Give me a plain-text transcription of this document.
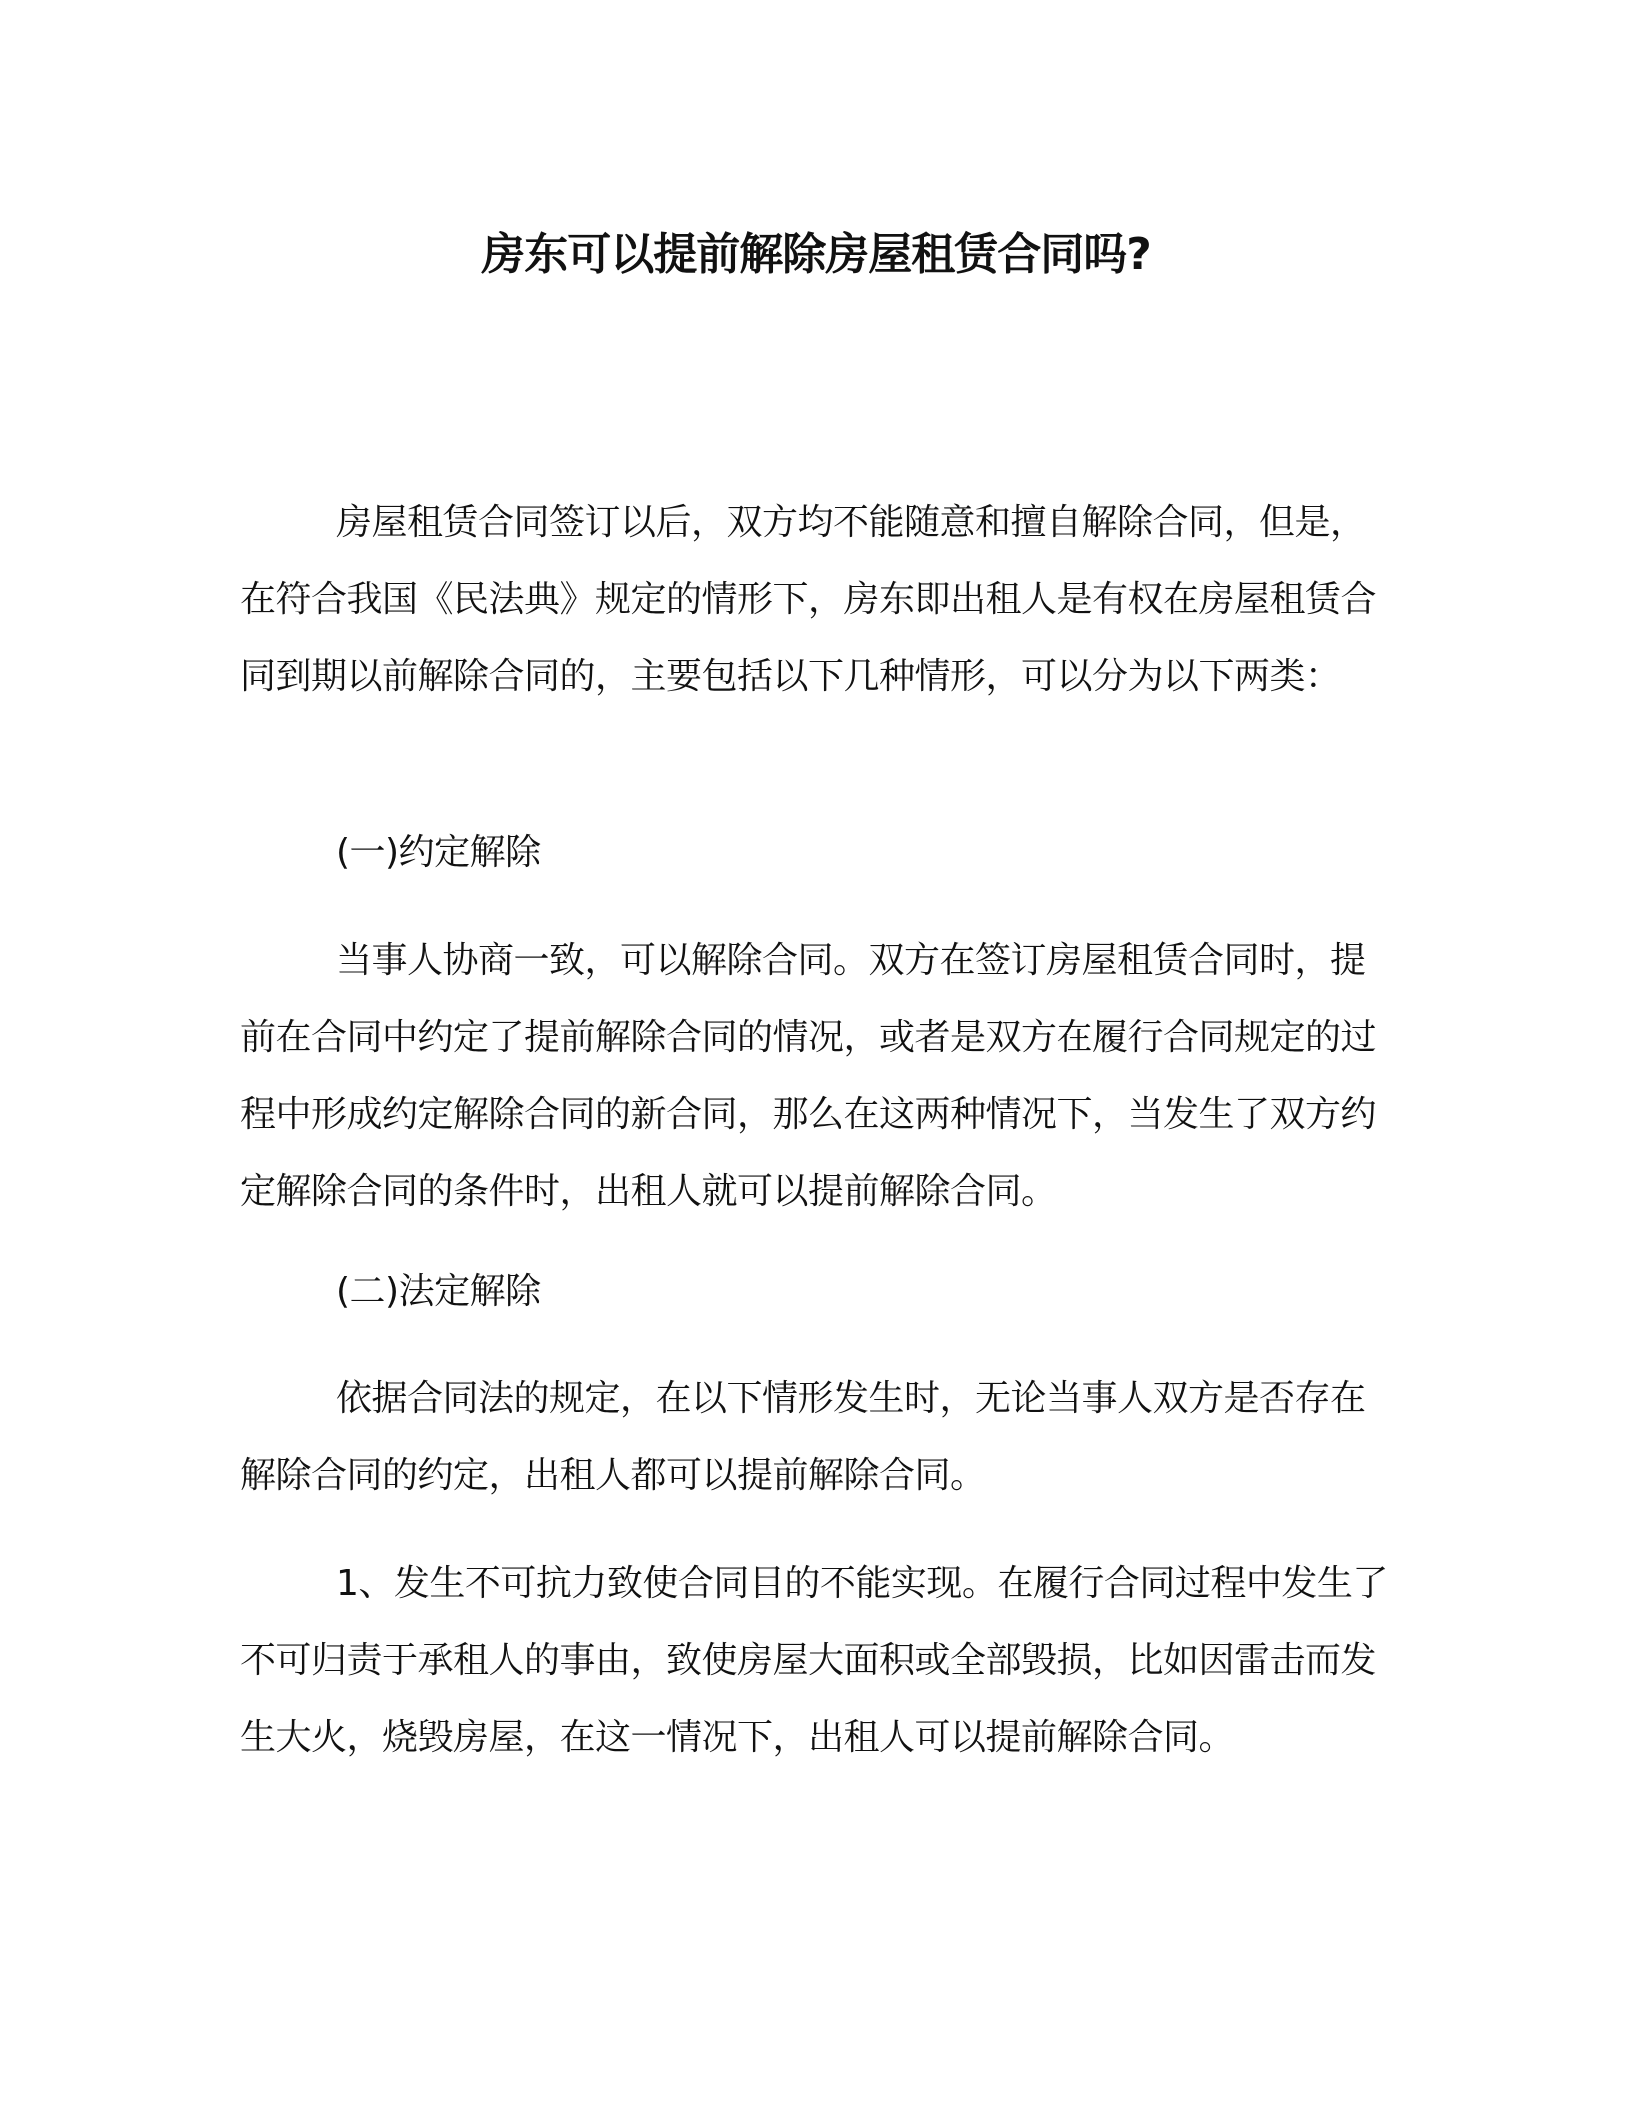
房东可以提前解除房屋租赁合同吗?

房屋租赁合同签订以后，双方均不能随意和擅自解除合同，但是，在符合我国《民法典》规定的情形下，房东即出租人是有权在房屋租赁合同到期以前解除合同的，主要包括以下几种情形，可以分为以下两类：

(一)约定解除

当事人协商一致，可以解除合同。双方在签订房屋租赁合同时，提前在合同中约定了提前解除合同的情况，或者是双方在履行合同规定的过程中形成约定解除合同的新合同，那么在这两种情况下，当发生了双方约定解除合同的条件时，出租人就可以提前解除合同。

(二)法定解除

依据合同法的规定，在以下情形发生时，无论当事人双方是否存在解除合同的约定，出租人都可以提前解除合同。

1、发生不可抗力致使合同目的不能实现。在履行合同过程中发生了不可归责于承租人的事由，致使房屋大面积或全部毁损，比如因雷击而发生大火，烧毁房屋，在这一情况下，出租人可以提前解除合同。
